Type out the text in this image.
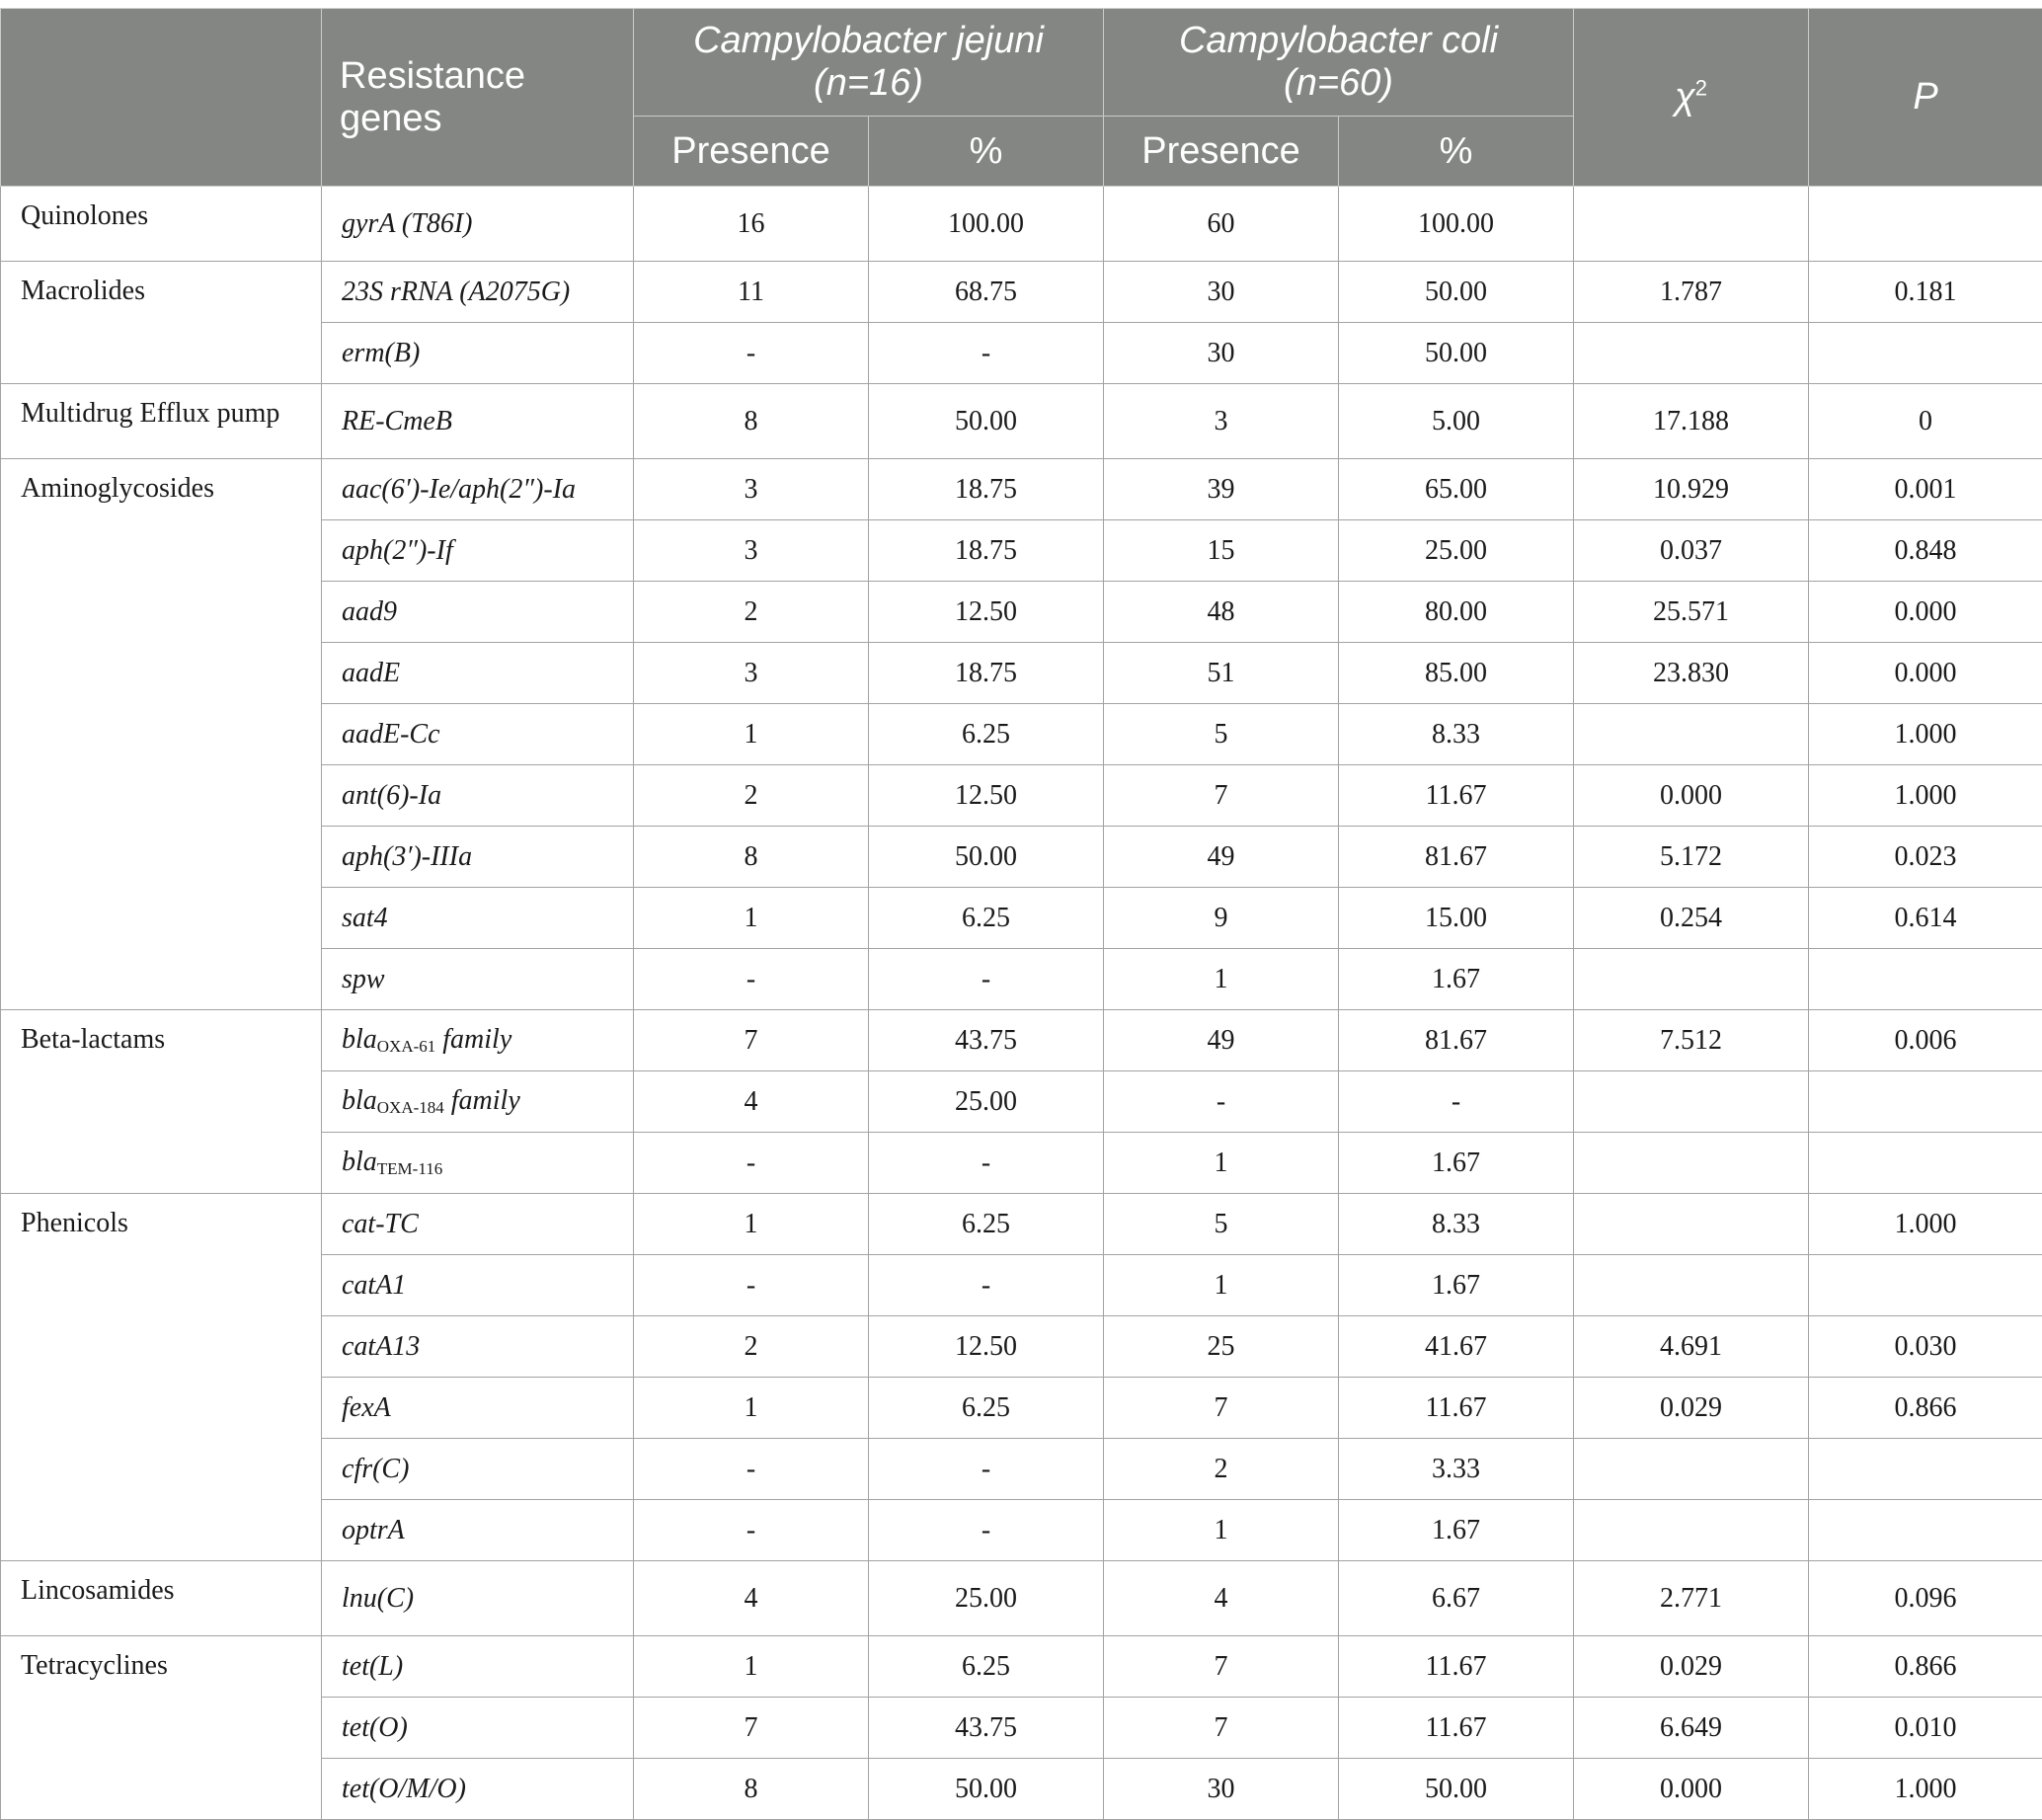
	Resistance genes	Campylobacter jejuni
(n=16)		Campylobacter coli
(n=60)		$\chi^2$	P
		Presence	%	Presence	%		
Quinolones	gyrA (T86I)	16	100.00	60	100.00		
Macrolides	23S rRNA (A2075G)	11	68.75	30	50.00	1.787	0.181
	erm(B)	-	-	30	50.00		
Multidrug Efflux pump	RE-CmeB	8	50.00	3	5.00	17.188	0
Aminoglycosides	aac(6′)-Ie/aph(2″)-Ia	3	18.75	39	65.00	10.929	0.001
	aph(2″)-If	3	18.75	15	25.00	0.037	0.848
	aad9	2	12.50	48	80.00	25.571	0.000
	aadE	3	18.75	51	85.00	23.830	0.000
	aadE-Cc	1	6.25	5	8.33		1.000
	ant(6)-Ia	2	12.50	7	11.67	0.000	1.000
	aph(3′)-IIIa	8	50.00	49	81.67	5.172	0.023
	sat4	1	6.25	9	15.00	0.254	0.614
	spw	-	-	1	1.67		
Beta-lactams	bla$_{OXA-61}$ family	7	43.75	49	81.67	7.512	0.006
	bla$_{OXA-184}$ family	4	25.00	-	-		
	bla$_{TEM-116}$	-	-	1	1.67		
Phenicols	cat-TC	1	6.25	5	8.33		1.000
	catA1	-	-	1	1.67		
	catA13	2	12.50	25	41.67	4.691	0.030
	fexA	1	6.25	7	11.67	0.029	0.866
	cfr(C)	-	-	2	3.33		
	optrA	-	-	1	1.67		
Lincosamides	lnu(C)	4	25.00	4	6.67	2.771	0.096
Tetracyclines	tet(L)	1	6.25	7	11.67	0.029	0.866
	tet(O)	7	43.75	7	11.67	6.649	0.010
	tet(O/M/O)	8	50.00	30	50.00	0.000	1.000
